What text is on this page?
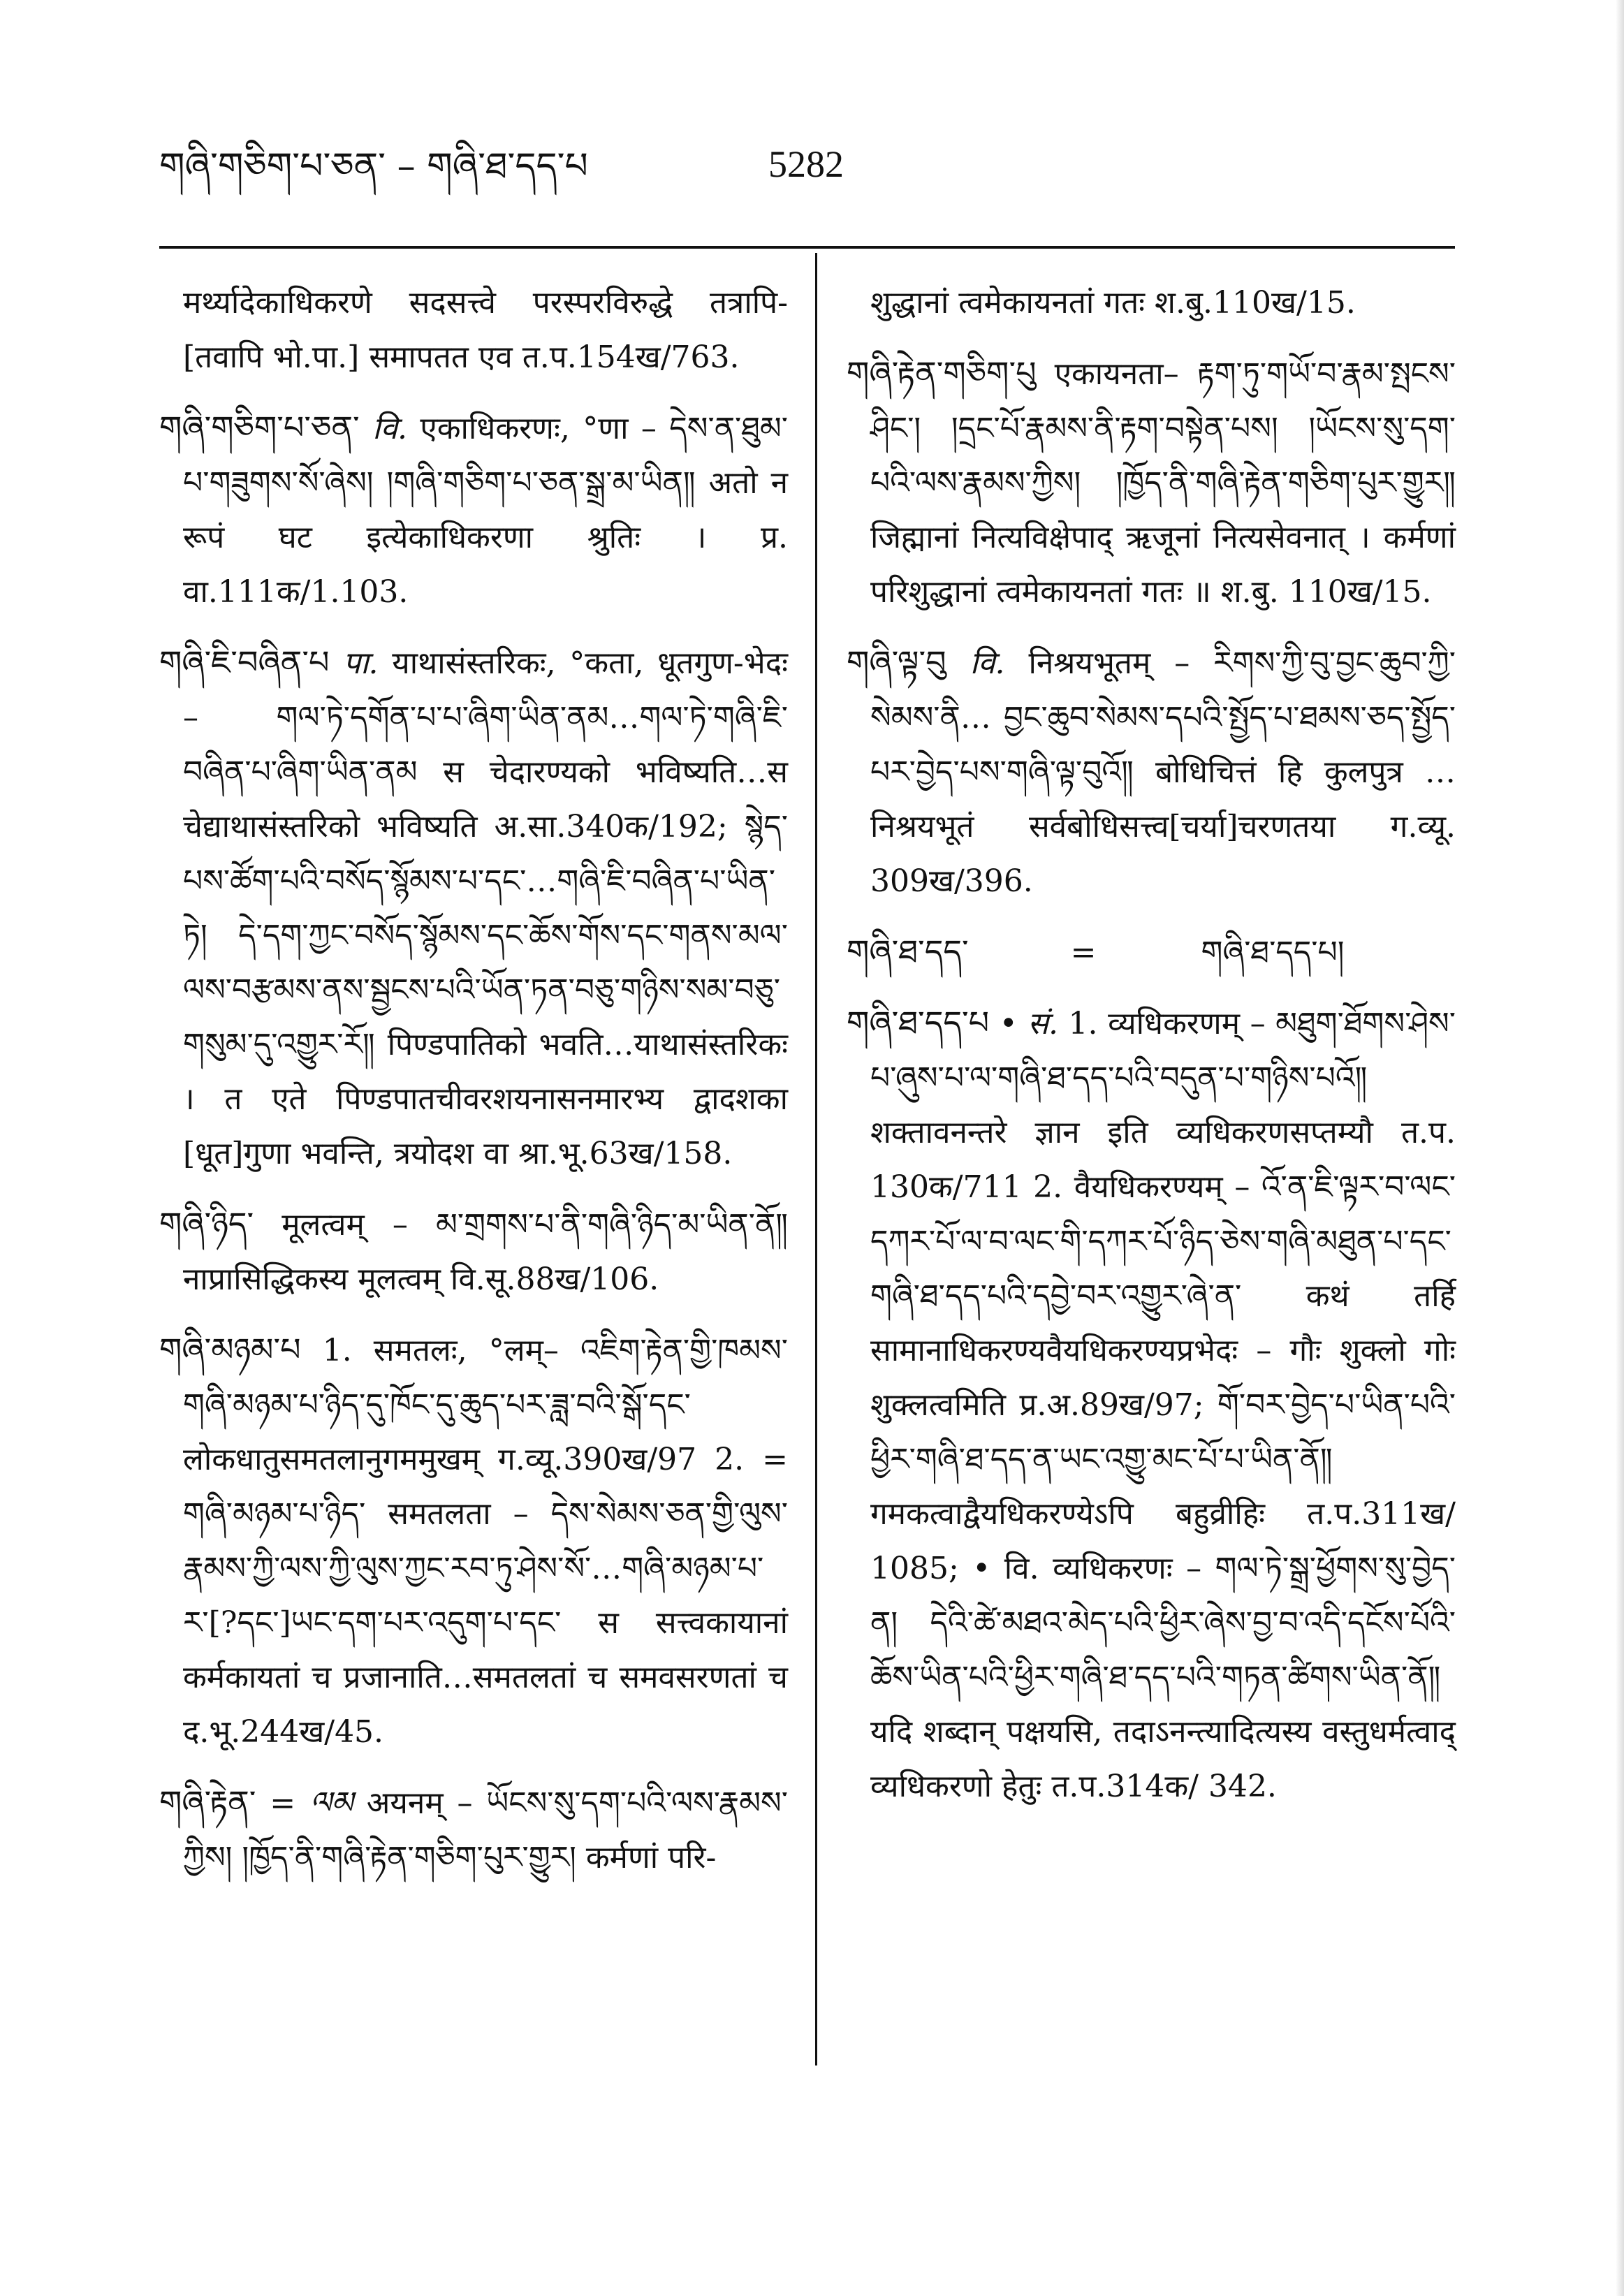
གཞི་གཅིག་པ་ཅན་ – གཞི་ཐ་དད་པ	5282

मर्थ्यादेकाधिकरणे सदसत्त्वे परस्परविरुद्धे तत्रापि- [तवापि भो.पा.] समापतत एव त.प.154ख/763.

གཞི་གཅིག་པ་ཅན་ वि. एकाधिकरणः, °णा – དེས་ན་ཐུམ་པ་གཟུགས་སོ་ཞེས། །གཞི་གཅིག་པ་ཅན་སྒྲ་མ་ཡིན༎ अतो न रूपं घट इत्येकाधिकरणा श्रुतिः । प्र. वा.111क/1.103.

གཞི་ཇི་བཞིན་པ पा. याथासंस्तरिकः, °कता, धूतगुण-भेदः – གལ་ཏེ་དགོན་པ་པ་ཞིག་ཡིན་ནམ…གལ་ཏེ་གཞི་ཇི་བཞིན་པ་ཞིག་ཡིན་ནམ स चेदारण्यको भविष्यति…स चेद्याथासंस्तरिको भविष्यति अ.सा.340क/192; སྙེད་པས་ཚོག་པའི་བསོད་སྙོམས་པ་དང་…གཞི་ཇི་བཞིན་པ་ཡིན་ཏེ། དེ་དག་ཀྱང་བསོད་སྙོམས་དང་ཆོས་གོས་དང་གནས་མལ་ལས་བརྩམས་ནས་སྦྱངས་པའི་ཡོན་ཏན་བཅུ་གཉིས་སམ་བཅུ་གསུམ་དུ་འགྱུར་རོ༎ पिण्डपातिको भवति…याथासंस्तरिकः । त एते पिण्डपातचीवरशयनासनमारभ्य द्वादशका [धूत]गुणा भवन्ति, त्रयोदश वा श्रा.भू.63ख/158.

གཞི་ཉིད་ मूलत्वम् – མ་གྲགས་པ་ནི་གཞི་ཉིད་མ་ཡིན་ནོ༎ नाप्रासिद्धिकस्य मूलत्वम् वि.सू.88ख/106.

གཞི་མཉམ་པ 1. समतलः, °लम्– འཇིག་རྟེན་གྱི་ཁམས་གཞི་མཉམ་པ་ཉིད་དུ་ཁོང་དུ་ཆུད་པར་ཟླ་བའི་སྒོ་དང་ लोकधातुसमतलानुगममुखम् ग.व्यू.390ख/97 2. = གཞི་མཉམ་པ་ཉིད་ समतलता – དེས་སེམས་ཅན་གྱི་ལུས་རྣམས་ཀྱི་ལས་ཀྱི་ལུས་ཀྱང་རབ་ཏུ་ཤེས་སོ་…གཞི་མཉམ་པ་ར་[?དང་]ཡང་དག་པར་འདུག་པ་དང་ स सत्त्वकायानां कर्मकायतां च प्रजानाति…समतलतां च समवसरणतां च द.भू.244ख/45.

གཞི་རྟེན་ = ལམ अयनम् – ཡོངས་སུ་དག་པའི་ལས་རྣམས་ཀྱིས། །ཁྱོད་ནི་གཞི་རྟེན་གཅིག་པུར་གྱུར། कर्मणां परि-

शुद्धानां त्वमेकायनतां गतः श.बु.110ख/15.

གཞི་རྟེན་གཅིག་པུ एकायनता– རྟག་ཏུ་གཡོ་བ་རྣམ་སྤངས་ཤིང་། །དྲང་པོ་རྣམས་ནི་རྟག་བསྟེན་པས། །ཡོངས་སུ་དག་པའི་ལས་རྣམས་ཀྱིས། །ཁྱོད་ནི་གཞི་རྟེན་གཅིག་པུར་གྱུར༎ जिह्मानां नित्यविक्षेपाद् ऋजूनां नित्यसेवनात् । कर्मणां परिशुद्धानां त्वमेकायनतां गतः ॥ श.बु. 110ख/15.

གཞི་ལྟ་བུ वि. निश्रयभूतम् – རིགས་ཀྱི་བུ་བྱང་ཆུབ་ཀྱི་སེམས་ནི… བྱང་ཆུབ་སེམས་དཔའི་སྤྱོད་པ་ཐམས་ཅད་སྤྱོད་པར་བྱེད་པས་གཞི་ལྟ་བུའོ༎ बोधिचित्तं हि कुलपुत्र … निश्रयभूतं सर्वबोधिसत्त्व[चर्या]चरणतया ग.व्यू. 309ख/396.

གཞི་ཐ་དད་	=	གཞི་ཐ་དད་པ།

གཞི་ཐ་དད་པ • सं. 1. व्यधिकरणम् – མཐུག་ཐོགས་ཤེས་པ་ཞུས་པ་ལ་གཞི་ཐ་དད་པའི་བདུན་པ་གཉིས་པའོ༎ शक्तावनन्तरे ज्ञान इति व्यधिकरणसप्तम्यौ त.प. 130क/711 2. वैयधिकरण्यम् – འོ་ན་ཇི་ལྟར་བ་ལང་དཀར་པོ་ལ་བ་ལང་གི་དཀར་པོ་ཉིད་ཅེས་གཞི་མཐུན་པ་དང་གཞི་ཐ་དད་པའི་དབྱེ་བར་འགྱུར་ཞེ་ན་ कथं तर्हि सामानाधिकरण्यवैयधिकरण्यप्रभेदः – गौः शुक्लो गोः शुक्लत्वमिति प्र.अ.89ख/97; གོ་བར་བྱེད་པ་ཡིན་པའི་ཕྱིར་གཞི་ཐ་དད་ན་ཡང་འགྱུ་མང་པོ་པ་ཡིན་ནོ༎ गमकत्वाद्वैयधिकरण्येऽपि बहुव्रीहिः त.प.311ख/ 1085; • वि. व्यधिकरणः – གལ་ཏེ་སྒྲ་ཕྱོགས་སུ་བྱེད་ན། དེའི་ཚེ་མཐའ་མེད་པའི་ཕྱིར་ཞེས་བྱ་བ་འདི་དངོས་པོའི་ཆོས་ཡིན་པའི་ཕྱིར་གཞི་ཐ་དད་པའི་གཏན་ཚིགས་ཡིན་ནོ༎ यदि शब्दान् पक्षयसि, तदाऽनन्त्यादित्यस्य वस्तुधर्मत्वाद् व्यधिकरणो हेतुः त.प.314क/ 342.
